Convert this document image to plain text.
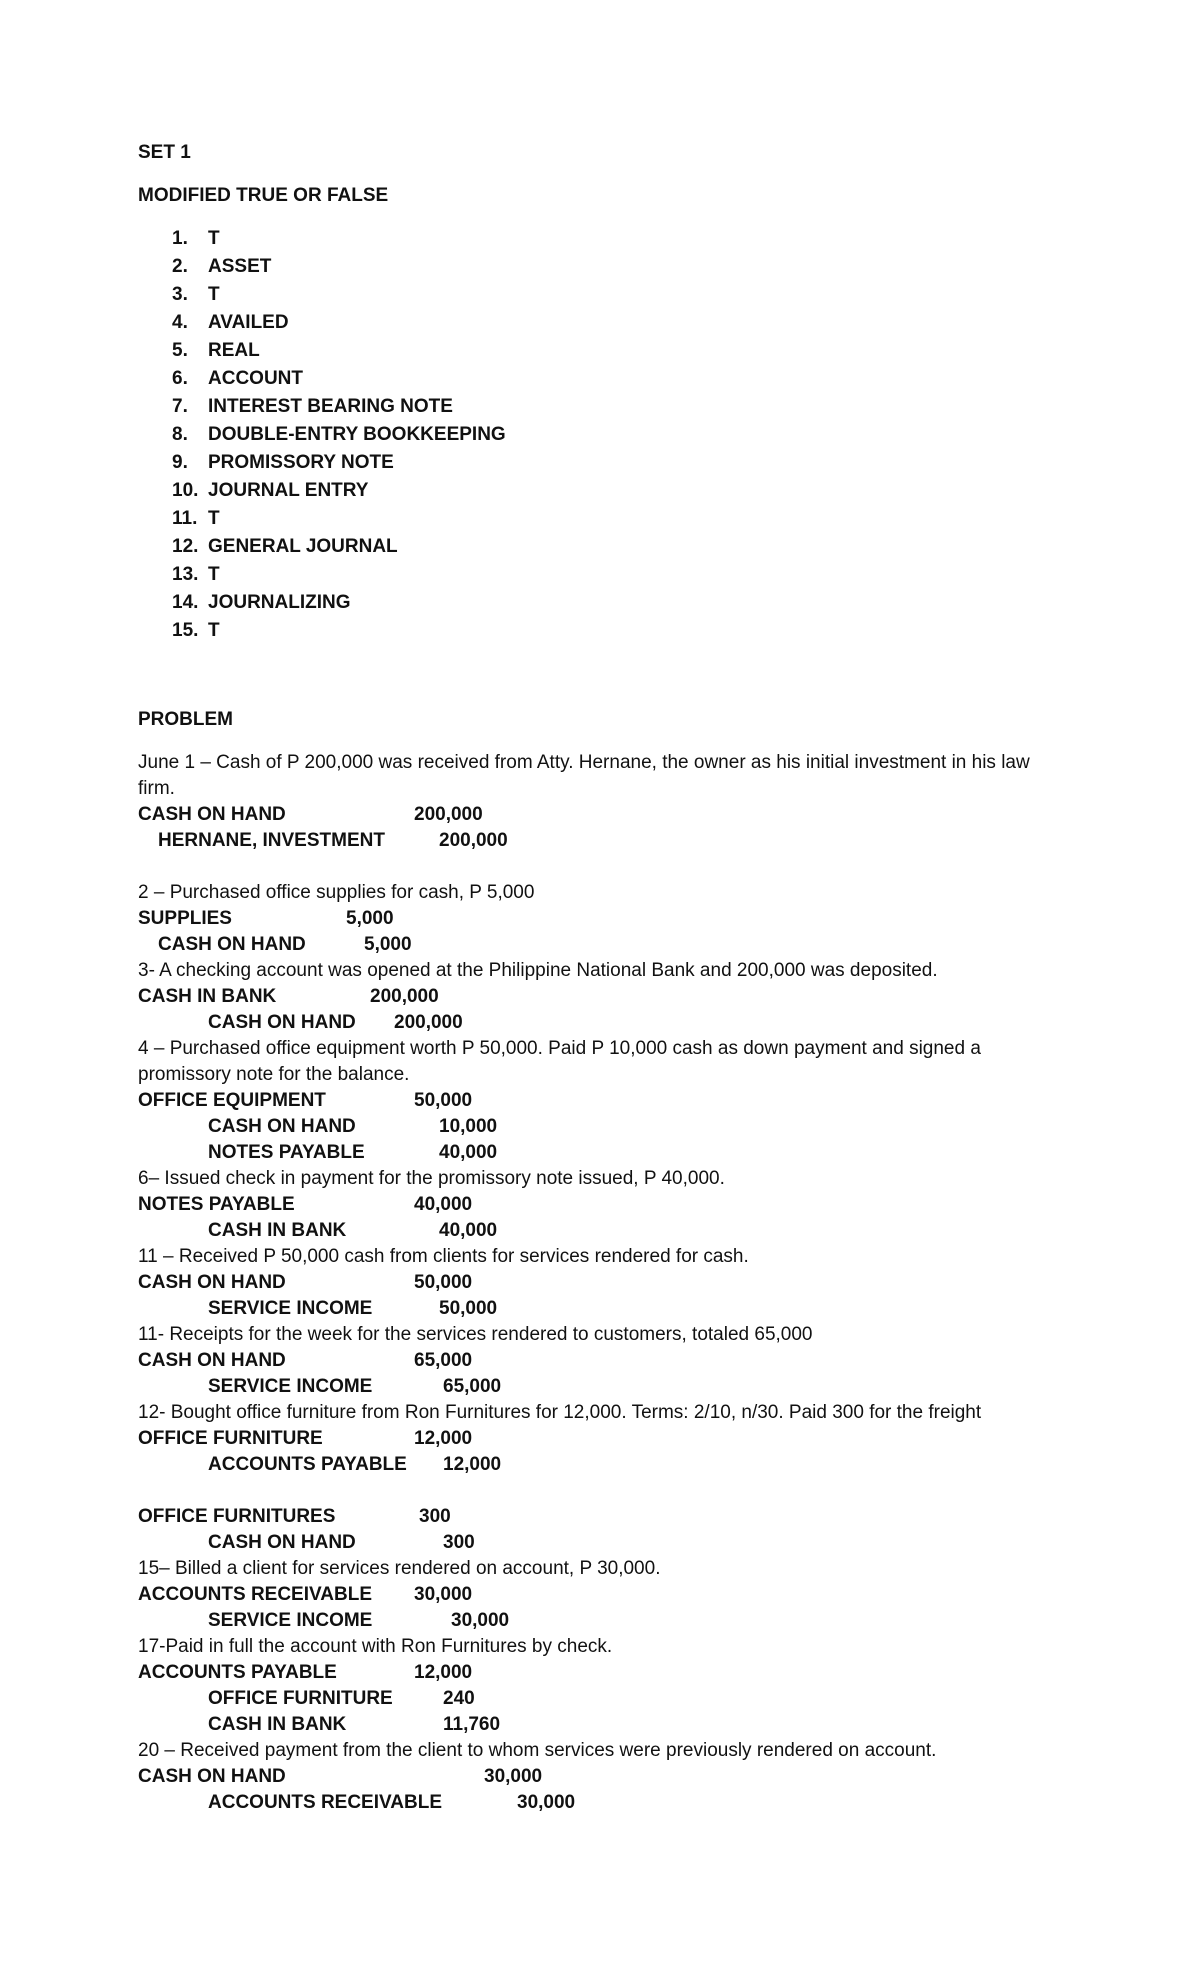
SET 1
MODIFIED TRUE OR FALSE
1. T
2. ASSET
3. T
4. AVAILED
5. REAL
6. ACCOUNT
7. INTEREST BEARING NOTE
8. DOUBLE-ENTRY BOOKKEEPING
9. PROMISSORY NOTE
10. JOURNAL ENTRY
11. T
12. GENERAL JOURNAL
13. T
14. JOURNALIZING
15. T
PROBLEM
June 1 – Cash of P 200,000 was received from Atty. Hernane, the owner as his initial investment in his law
firm.
CASH ON HAND	200,000
HERNANE, INVESTMENT	200,000
2 – Purchased office supplies for cash, P 5,000
SUPPLIES	5,000
CASH ON HAND	5,000
3- A checking account was opened at the Philippine National Bank and 200,000 was deposited.
CASH IN BANK	200,000
CASH ON HAND 200,000
4 – Purchased office equipment worth P 50,000. Paid P 10,000 cash as down payment and signed a
promissory note for the balance.
OFFICE EQUIPMENT	50,000
CASH ON HAND	10,000
NOTES PAYABLE	40,000
6– Issued check in payment for the promissory note issued, P 40,000.
NOTES PAYABLE	40,000
CASH IN BANK	40,000
11 – Received P 50,000 cash from clients for services rendered for cash.
CASH ON HAND	50,000
SERVICE INCOME	50,000
11- Receipts for the week for the services rendered to customers, totaled 65,000
CASH ON HAND	65,000
SERVICE INCOME	65,000
12- Bought office furniture from Ron Furnitures for 12,000. Terms: 2/10, n/30. Paid 300 for the freight
OFFICE FURNITURE	12,000
ACCOUNTS PAYABLE 12,000
OFFICE FURNITURES	300
CASH ON HAND	300
15– Billed a client for services rendered on account, P 30,000.
ACCOUNTS RECEIVABLE 30,000
SERVICE INCOME	30,000
17-Paid in full the account with Ron Furnitures by check.
ACCOUNTS PAYABLE	12,000
OFFICE FURNITURE	240
CASH IN BANK	11,760
20 – Received payment from the client to whom services were previously rendered on account.
CASH ON HAND	30,000
ACCOUNTS RECEIVABLE	30,000
